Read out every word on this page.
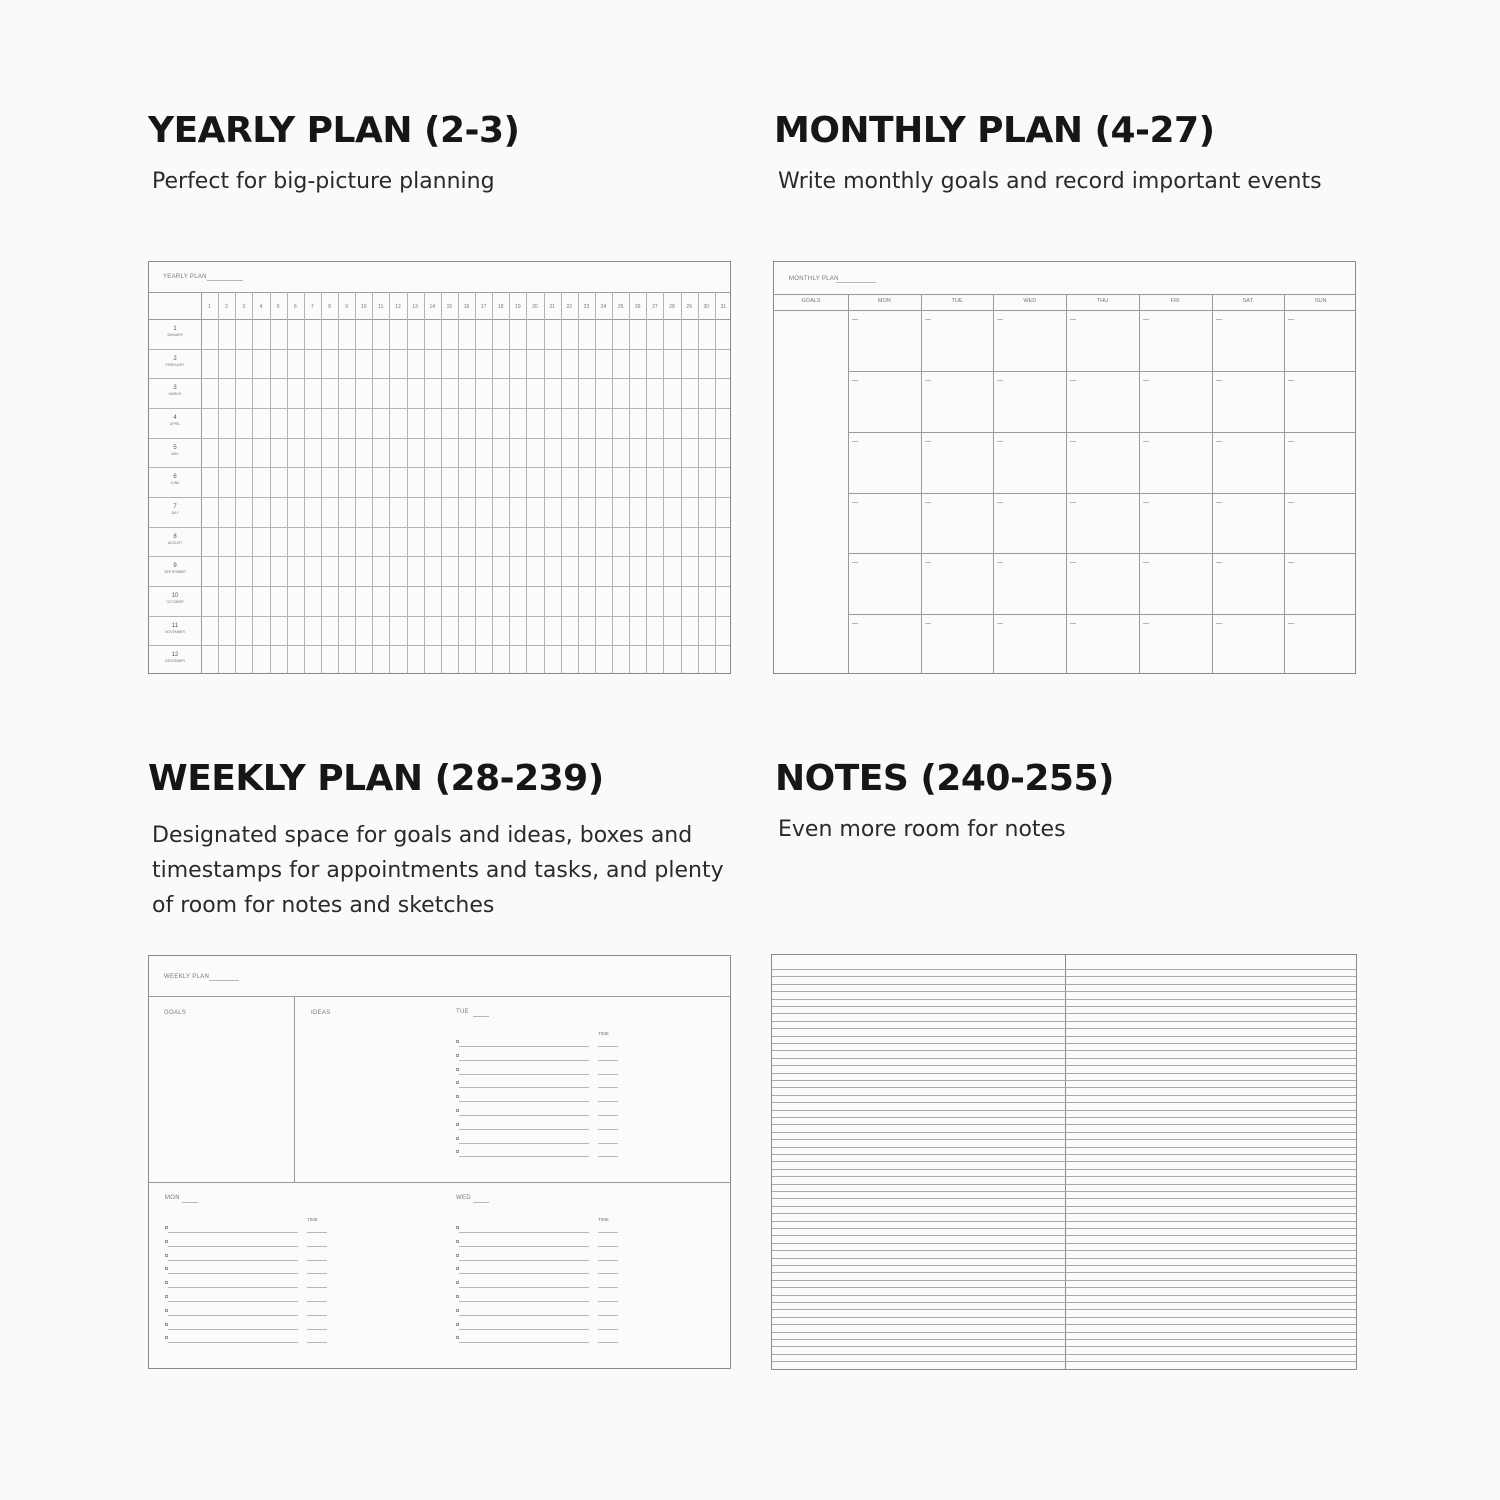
YEARLY PLAN (2-3)
Perfect for big-picture planning
YEARLY PLAN
1	2	3	4	5	6	7	8	9	10	11	12	13	14	15	16	17	18	19	20	21	22	23	24	25	26	27	28	29	30	31
1
JANUARY
2
FEBRUARY
3
MARCH
4
APRIL
5
MAY
6
JUNE
7
JULY
8
AUGUST
9
SEPTEMBER
10
OCTOBER
11
NOVEMBER
12
DECEMBER
MONTHLY PLAN (4-27)
Write monthly goals and record important events
MONTHLY PLAN
GOALS	MON	TUE	WED	THU	FRI	SAT	SUN
WEEKLY PLAN (28-239)
Designated space for goals and ideas, boxes and
timestamps for appointments and tasks, and plenty
of room for notes and sketches
WEEKLY PLAN
GOALS	IDEAS	TUE
TIME
MON
TIME
WED
TIME
NOTES (240-255)
Even more room for notes
